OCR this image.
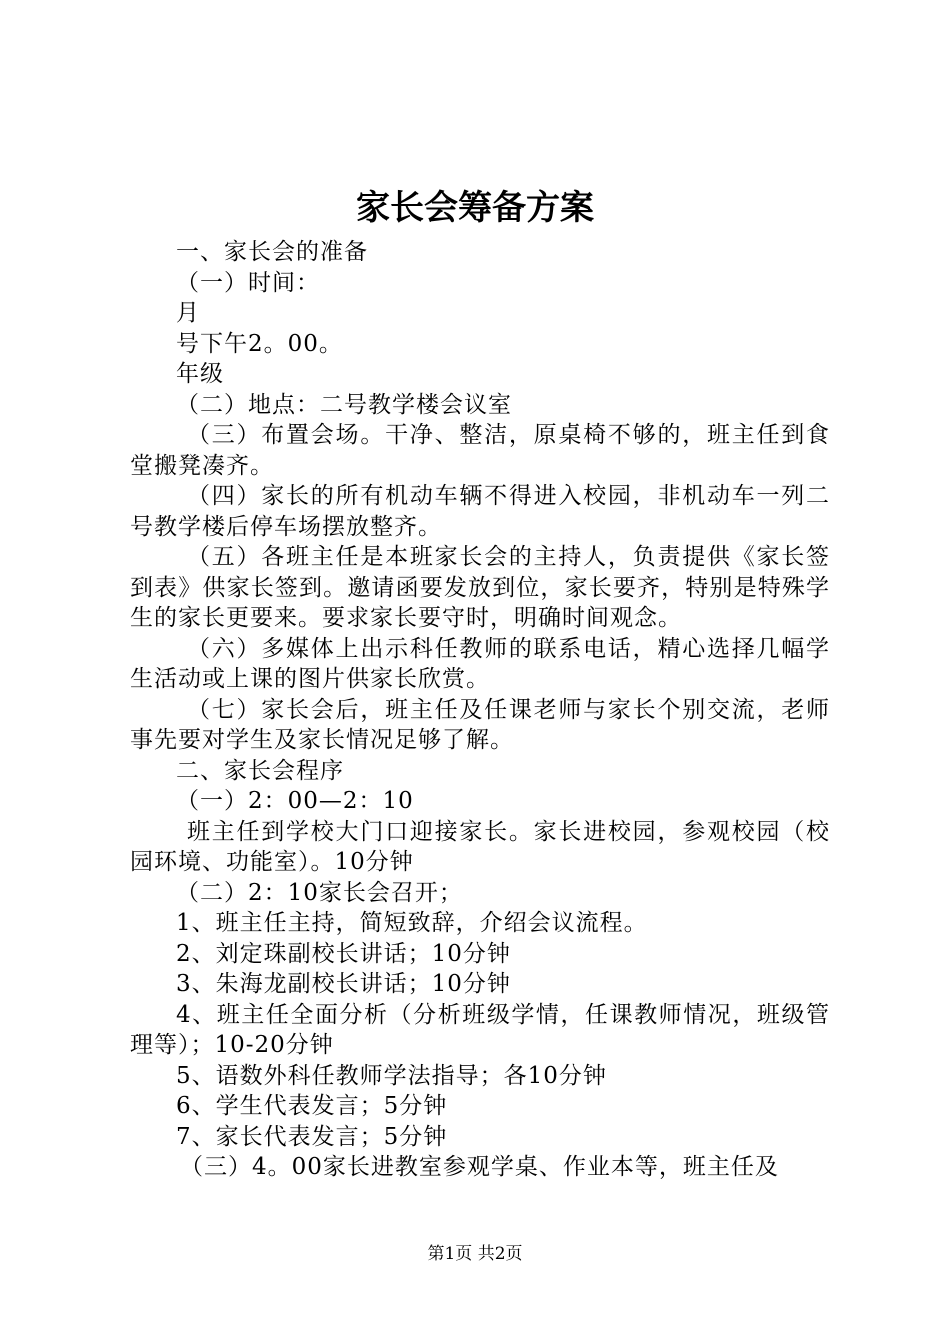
家长会筹备方案

一、家长会的准备

（一）时间：

月

号下午2。00。

年级

（二）地点：二号教学楼会议室

（三）布置会场。干净、整洁，原桌椅不够的，班主任到食堂搬凳凑齐。

（四）家长的所有机动车辆不得进入校园，非机动车一列二号教学楼后停车场摆放整齐。

（五）各班主任是本班家长会的主持人，负责提供《家长签到表》供家长签到。邀请函要发放到位，家长要齐，特别是特殊学生的家长更要来。要求家长要守时，明确时间观念。

（六）多媒体上出示科任教师的联系电话，精心选择几幅学生活动或上课的图片供家长欣赏。

（七）家长会后，班主任及任课老师与家长个别交流，老师事先要对学生及家长情况足够了解。

二、家长会程序

（一）2：00—2：10

班主任到学校大门口迎接家长。家长进校园，参观校园（校园环境、功能室）。10分钟

（二）2：10家长会召开；

1、班主任主持，简短致辞，介绍会议流程。

2、刘定珠副校长讲话；10分钟

3、朱海龙副校长讲话；10分钟

4、班主任全面分析（分析班级学情，任课教师情况，班级管理等）；10-20分钟

5、语数外科任教师学法指导；各10分钟

6、学生代表发言；5分钟

7、家长代表发言；5分钟

（三）4。00家长进教室参观学桌、作业本等，班主任及

第1页 共2页
